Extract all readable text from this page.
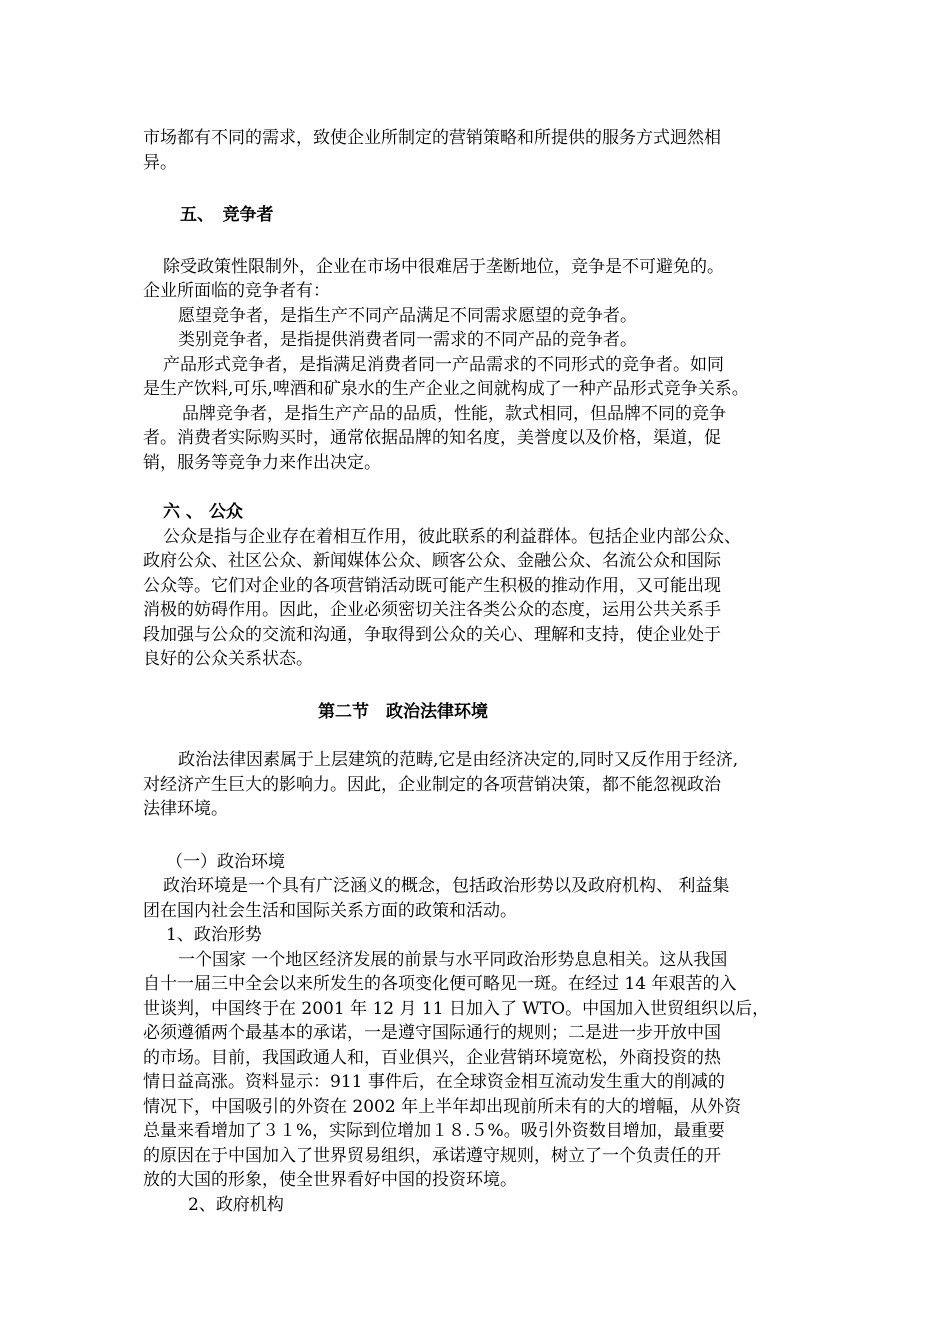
市场都有不同的需求，致使企业所制定的营销策略和所提供的服务方式迥然相
异。
五、　竞争者
除受政策性限制外，企业在市场中很难居于垄断地位，竞争是不可避免的。
企业所面临的竞争者有：
愿望竞争者，是指生产不同产品满足不同需求愿望的竞争者。
类别竞争者，是指提供消费者同一需求的不同产品的竞争者。
产品形式竞争者，是指满足消费者同一产品需求的不同形式的竞争者。如同
是生产饮料,可乐,啤酒和矿泉水的生产企业之间就构成了一种产品形式竞争关系。
品牌竞争者，是指生产产品的品质，性能，款式相同，但品牌不同的竞争
者。消费者实际购买时，通常依据品牌的知名度，美誉度以及价格，渠道，促
销，服务等竞争力来作出决定。
六 、 公众
公众是指与企业存在着相互作用，彼此联系的利益群体。包括企业内部公众、
政府公众、社区公众、新闻媒体公众、顾客公众、金融公众、名流公众和国际
公众等。它们对企业的各项营销活动既可能产生积极的推动作用，又可能出现
消极的妨碍作用。因此，企业必须密切关注各类公众的态度，运用公共关系手
段加强与公众的交流和沟通，争取得到公众的关心、理解和支持，使企业处于
良好的公众关系状态。
第二节　政治法律环境
政治法律因素属于上层建筑的范畴,它是由经济决定的,同时又反作用于经济,
对经济产生巨大的影响力。因此，企业制定的各项营销决策，都不能忽视政治
法律环境。
（一）政治环境
政治环境是一个具有广泛涵义的概念，包括政治形势以及政府机构、 利益集
团在国内社会生活和国际关系方面的政策和活动。
1、政治形势
一个国家 一个地区经济发展的前景与水平同政治形势息息相关。这从我国
自十一届三中全会以来所发生的各项变化便可略见一斑。在经过 14 年艰苦的入
世谈判，中国终于在 2001 年 12 月 11 日加入了 WTO。中国加入世贸组织以后，
必须遵循两个最基本的承诺，一是遵守国际通行的规则；二是进一步开放中国
的市场。目前，我国政通人和，百业俱兴，企业营销环境宽松，外商投资的热
情日益高涨。资料显示：911 事件后，在全球资金相互流动发生重大的削减的
情况下，中国吸引的外资在 2002 年上半年却出现前所未有的大的增幅，从外资
总量来看增加了３１%，实际到位增加１８.５%。吸引外资数目增加，最重要
的原因在于中国加入了世界贸易组织，承诺遵守规则，树立了一个负责任的开
放的大国的形象，使全世界看好中国的投资环境。
2、政府机构
